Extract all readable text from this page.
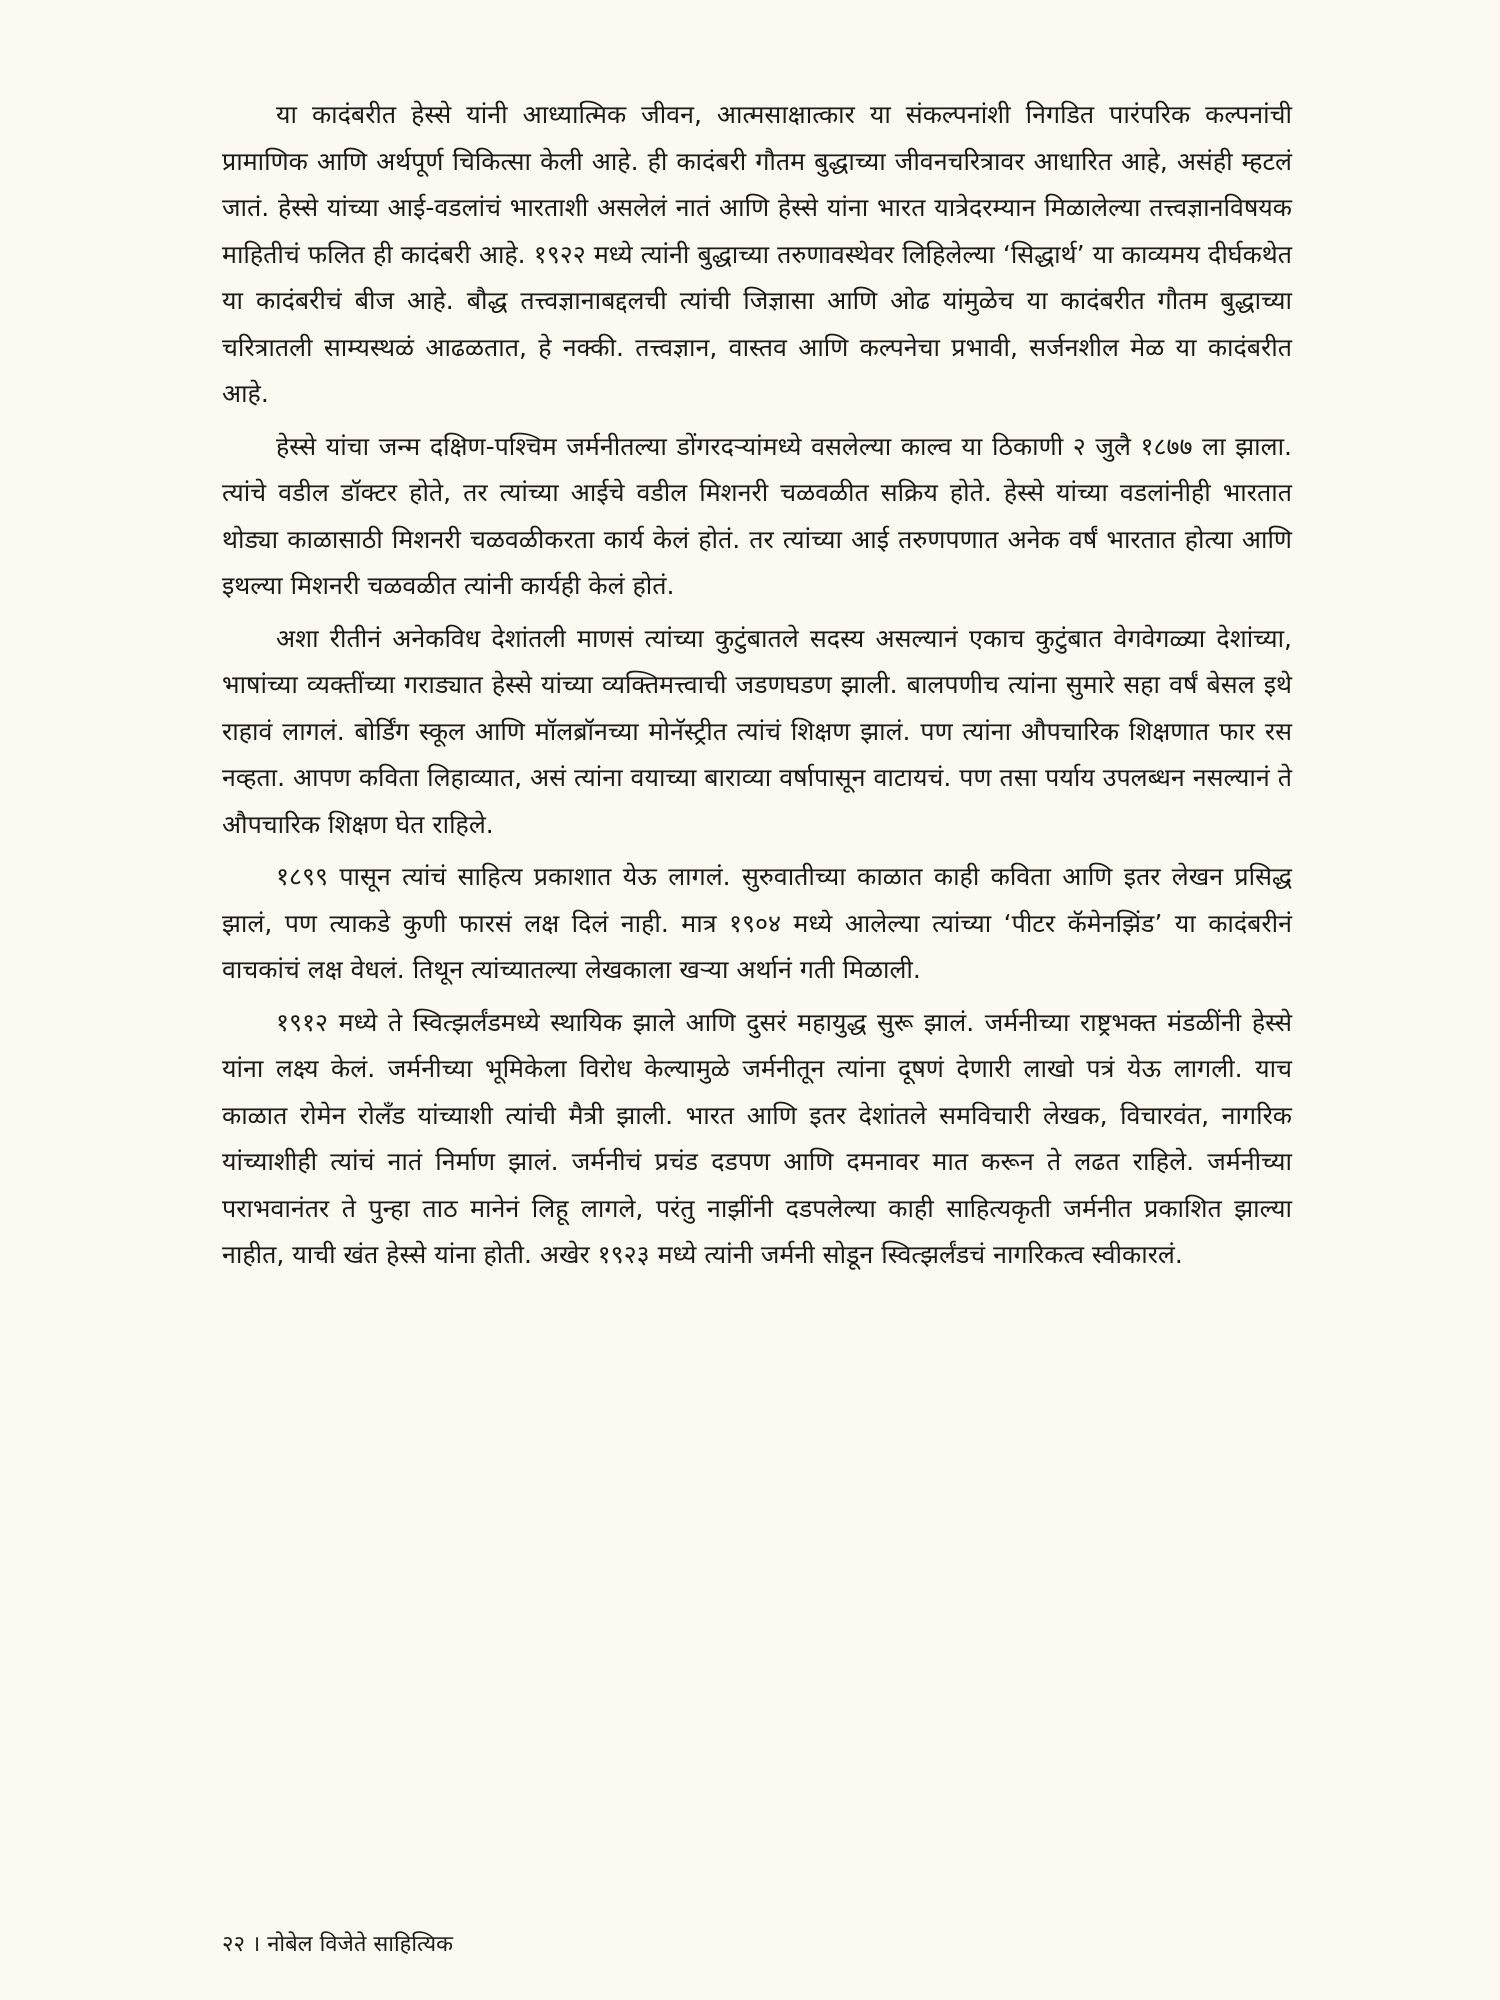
या कादंबरीत हेस्से यांनी आध्यात्मिक जीवन, आत्मसाक्षात्कार या संकल्पनांशी निगडित पारंपरिक कल्पनांची प्रामाणिक आणि अर्थपूर्ण चिकित्सा केली आहे. ही कादंबरी गौतम बुद्धाच्या जीवनचरित्रावर आधारित आहे, असंही म्हटलं जातं. हेस्से यांच्या आई-वडलांचं भारताशी असलेलं नातं आणि हेस्से यांना भारत यात्रेदरम्यान मिळालेल्या तत्त्वज्ञानविषयक माहितीचं फलित ही कादंबरी आहे. १९२२ मध्ये त्यांनी बुद्धाच्या तरुणावस्थेवर लिहिलेल्या ‘सिद्धार्थ’ या काव्यमय दीर्घकथेत या कादंबरीचं बीज आहे. बौद्ध तत्त्वज्ञानाबद्दलची त्यांची जिज्ञासा आणि ओढ यांमुळेच या कादंबरीत गौतम बुद्धाच्या चरित्रातली साम्यस्थळं आढळतात, हे नक्की. तत्त्वज्ञान, वास्तव आणि कल्पनेचा प्रभावी, सर्जनशील मेळ या कादंबरीत आहे.

हेस्से यांचा जन्म दक्षिण-पश्चिम जर्मनीतल्या डोंगरदऱ्यांमध्ये वसलेल्या काल्व या ठिकाणी २ जुलै १८७७ ला झाला. त्यांचे वडील डॉक्टर होते, तर त्यांच्या आईचे वडील मिशनरी चळवळीत सक्रिय होते. हेस्से यांच्या वडलांनीही भारतात थोड्या काळासाठी मिशनरी चळवळीकरता कार्य केलं होतं. तर त्यांच्या आई तरुणपणात अनेक वर्षं भारतात होत्या आणि इथल्या मिशनरी चळवळीत त्यांनी कार्यही केलं होतं.

अशा रीतीनं अनेकविध देशांतली माणसं त्यांच्या कुटुंबातले सदस्य असल्यानं एकाच कुटुंबात वेगवेगळ्या देशांच्या, भाषांच्या व्यक्तींच्या गराड्यात हेस्से यांच्या व्यक्तिमत्त्वाची जडणघडण झाली. बालपणीच त्यांना सुमारे सहा वर्षं बेसल इथे राहावं लागलं. बोर्डिंग स्कूल आणि मॉलब्रॉनच्या मोनॅस्ट्रीत त्यांचं शिक्षण झालं. पण त्यांना औपचारिक शिक्षणात फार रस नव्हता. आपण कविता लिहाव्यात, असं त्यांना वयाच्या बाराव्या वर्षापासून वाटायचं. पण तसा पर्याय उपलब्धन नसल्यानं ते औपचारिक शिक्षण घेत राहिले.

१८९९ पासून त्यांचं साहित्य प्रकाशात येऊ लागलं. सुरुवातीच्या काळात काही कविता आणि इतर लेखन प्रसिद्ध झालं, पण त्याकडे कुणी फारसं लक्ष दिलं नाही. मात्र १९०४ मध्ये आलेल्या त्यांच्या ‘पीटर कॅमेनझिंड’ या कादंबरीनं वाचकांचं लक्ष वेधलं. तिथून त्यांच्यातल्या लेखकाला खऱ्या अर्थानं गती मिळाली.

१९१२ मध्ये ते स्वित्झर्लंडमध्ये स्थायिक झाले आणि दुसरं महायुद्ध सुरू झालं. जर्मनीच्या राष्ट्रभक्त मंडळींनी हेस्से यांना लक्ष्य केलं. जर्मनीच्या भूमिकेला विरोध केल्यामुळे जर्मनीतून त्यांना दूषणं देणारी लाखो पत्रं येऊ लागली. याच काळात रोमेन रोलँड यांच्याशी त्यांची मैत्री झाली. भारत आणि इतर देशांतले समविचारी लेखक, विचारवंत, नागरिक यांच्याशीही त्यांचं नातं निर्माण झालं. जर्मनीचं प्रचंड दडपण आणि दमनावर मात करून ते लढत राहिले. जर्मनीच्या पराभवानंतर ते पुन्हा ताठ मानेनं लिहू लागले, परंतु नाझींनी दडपलेल्या काही साहित्यकृती जर्मनीत प्रकाशित झाल्या नाहीत, याची खंत हेस्से यांना होती. अखेर १९२३ मध्ये त्यांनी जर्मनी सोडून स्वित्झर्लंडचं नागरिकत्व स्वीकारलं.

२२ । नोबेल विजेते साहित्यिक
